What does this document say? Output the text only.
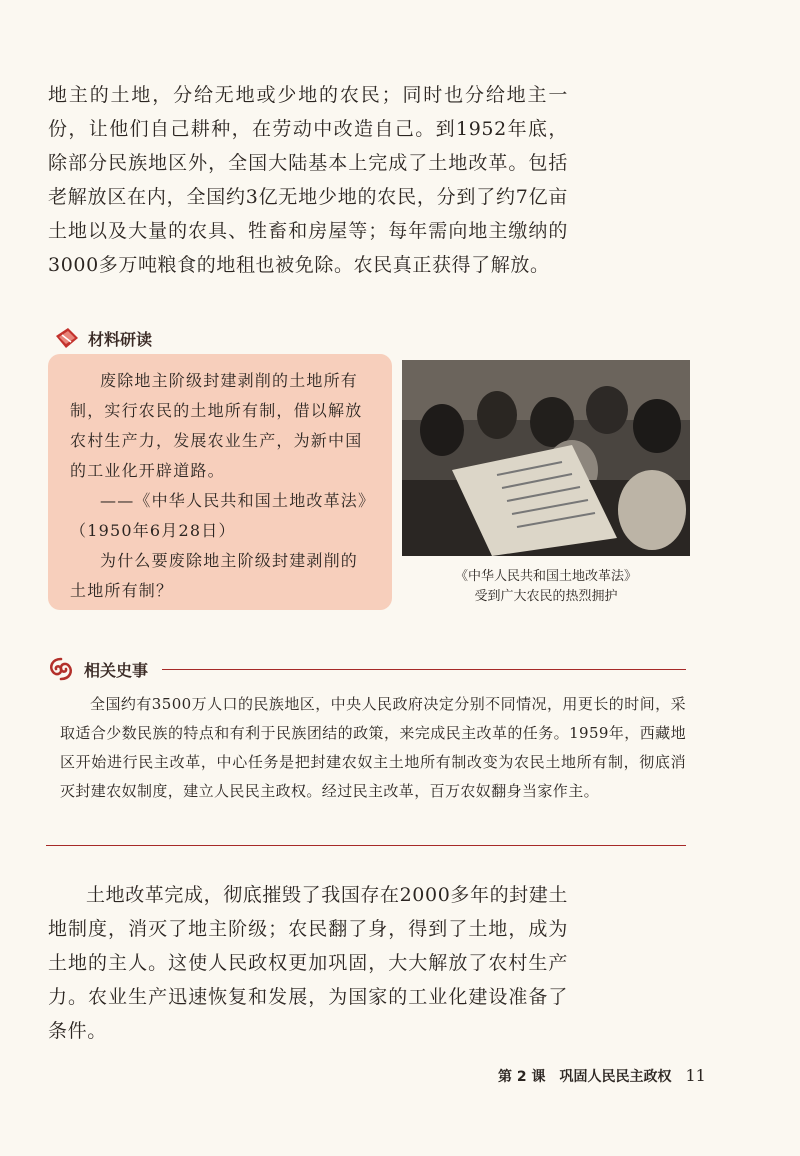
地主的土地，分给无地或少地的农民；同时也分给地主一份，让他们自己耕种，在劳动中改造自己。到1952年底，除部分民族地区外，全国大陆基本上完成了土地改革。包括老解放区在内，全国约3亿无地少地的农民，分到了约7亿亩土地以及大量的农具、牲畜和房屋等；每年需向地主缴纳的3000多万吨粮食的地租也被免除。农民真正获得了解放。

材料研读

废除地主阶级封建剥削的土地所有制，实行农民的土地所有制，借以解放农村生产力，发展农业生产，为新中国的工业化开辟道路。

——《中华人民共和国土地改革法》

（1950年6月28日）

为什么要废除地主阶级封建剥削的土地所有制？

《中华人民共和国土地改革法》
受到广大农民的热烈拥护
相关史事

全国约有3500万人口的民族地区，中央人民政府决定分别不同情况，用更长的时间，采取适合少数民族的特点和有利于民族团结的政策，来完成民主改革的任务。1959年，西藏地区开始进行民主改革，中心任务是把封建农奴主土地所有制改变为农民土地所有制，彻底消灭封建农奴制度，建立人民民主政权。经过民主改革，百万农奴翻身当家作主。

土地改革完成，彻底摧毁了我国存在2000多年的封建土地制度，消灭了地主阶级；农民翻了身，得到了土地，成为土地的主人。这使人民政权更加巩固，大大解放了农村生产力。农业生产迅速恢复和发展，为国家的工业化建设准备了条件。

第 2 课 巩固人民民主政权 11
